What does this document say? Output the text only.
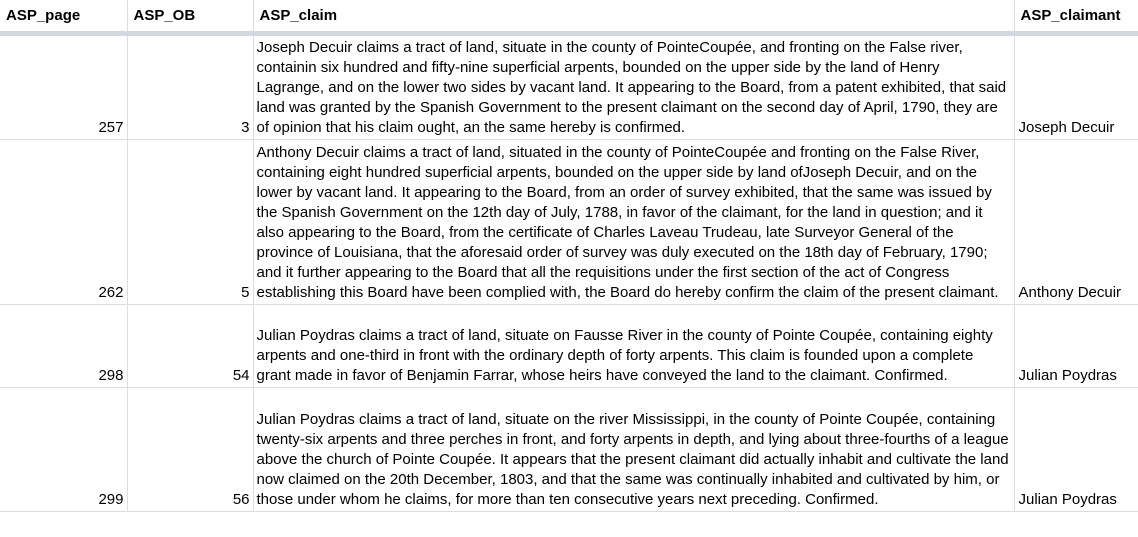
ASP_page	ASP_OB	ASP_claim	ASP_claimant
257	3	Joseph Decuir claims a tract of land, situate in the county of PointeCoupée, and fronting on the False river, containin six hundred and fifty-nine superficial arpents, bounded on the upper side by the land of Henry Lagrange, and on the lower two sides by vacant land. It appearing to the Board, from a patent exhibited, that said land was granted by the Spanish Government to the present claimant on the second day of April, 1790, they are of opinion that his claim ought, an the same hereby is confirmed.	Joseph Decuir
262	5	Anthony Decuir claims a tract of land, situated in the county of PointeCoupée and fronting on the False River, containing eight hundred superficial arpents, bounded on the upper side by land ofJoseph Decuir, and on the lower by vacant land. It appearing to the Board, from an order of survey exhibited, that the same was issued by the Spanish Government on the 12th day of July, 1788, in favor of the claimant, for the land in question; and it also appearing to the Board, from the certificate of Charles Laveau Trudeau, late Surveyor General of the province of Louisiana, that the aforesaid order of survey was duly executed on the 18th day of February, 1790; and it further appearing to the Board that all the requisitions under the first section of the act of Congress establishing this Board have been complied with, the Board do hereby confirm the claim of the present claimant.	Anthony Decuir
298	54	Julian Poydras claims a tract of land, situate on Fausse River in the county of Pointe Coupée, containing eighty arpents and one-third in front with the ordinary depth of forty arpents. This claim is founded upon a complete grant made in favor of Benjamin Farrar, whose heirs have conveyed the land to the claimant. Confirmed.	Julian Poydras
299	56	Julian Poydras claims a tract of land, situate on the river Mississippi, in the county of Pointe Coupée, containing twenty-six arpents and three perches in front, and forty arpents in depth, and lying about three-fourths of a league above the church of Pointe Coupée. It appears that the present claimant did actually inhabit and cultivate the land now claimed on the 20th December, 1803, and that the same was continually inhabited and cultivated by him, or those under whom he claims, for more than ten consecutive years next preceding. Confirmed.	Julian Poydras
